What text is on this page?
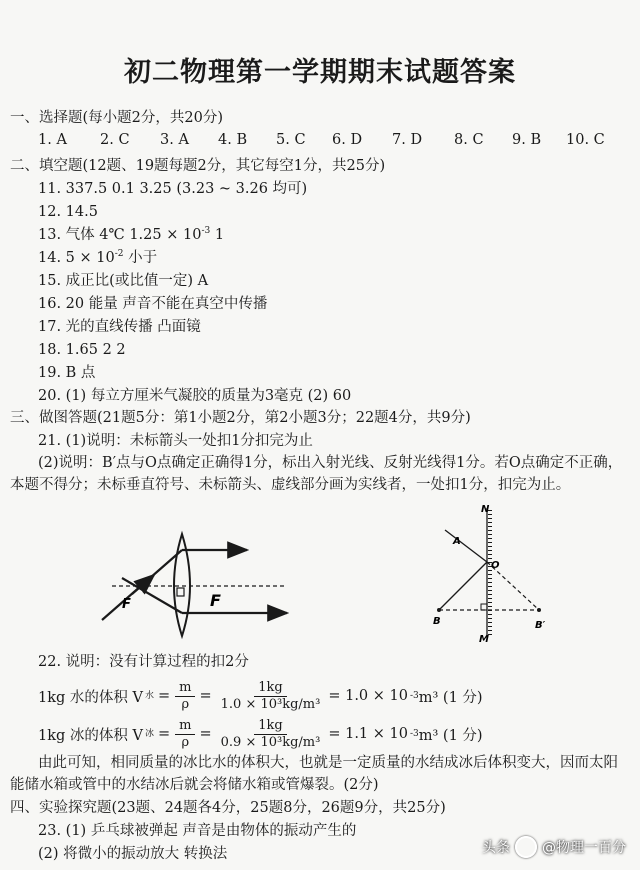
初二物理第一学期期末试题答案
一、选择题(每小题2分，共20分)
1. A 2. C 3. A 4. B 5. C 6. D 7. D 8. C 9. B 10. C
二、填空题(12题、19题每题2分，其它每空1分，共25分)
11. 337.5 0.1 3.25 (3.23 ~ 3.26 均可)
12. 14.5
13. 气体 4℃ $1.25 \times 10^{-3}$ 1
14. $5 \times 10^{-2}$ 小于
15. 成正比(或比值一定) A
16. 20 能量 声音不能在真空中传播
17. 光的直线传播 凸面镜
18. 1.65 2 2
19. B 点
20. (1) 每立方厘米气凝胶的质量为3毫克 (2) 60
三、做图答题(21题5分：第1小题2分，第2小题3分；22题4分，共9分)
21. (1)说明：未标箭头一处扣1分扣完为止
(2)说明：B′点与O点确定正确得1分，标出入射光线、反射光线得1分。若O点确定不正确，本题不得分；未标垂直符号、未标箭头、虚线部分画为实线者，一处扣1分，扣完为止。
F
F
N
A
O
B	B′
M
22. 说明：没有计算过程的扣2分
1kg 水的体积 V 水 = $\frac{m}{\rho} = \frac{1kg}{\text{1.0 × 10³kg/m³}} = 1.0 \times 10$ -3 m³ (1 分)
1kg 冰的体积 V 冰 = $\frac{m}{\rho} = \frac{1kg}{\text{0.9 × 10³kg/m³}} = 1.1 \times 10$ -3 m³ (1 分)
由此可知，相同质量的冰比水的体积大，也就是一定质量的水结成冰后体积变大，因而太阳能储水箱或管中的水结冰后就会将储水箱或管爆裂。(2分)
四、实验探究题(23题、24题各4分，25题8分，26题9分，共25分)
23. (1) 乒乓球被弹起 声音是由物体的振动产生的
(2) 将微小的振动放大 转换法	头条 @物理一百分
